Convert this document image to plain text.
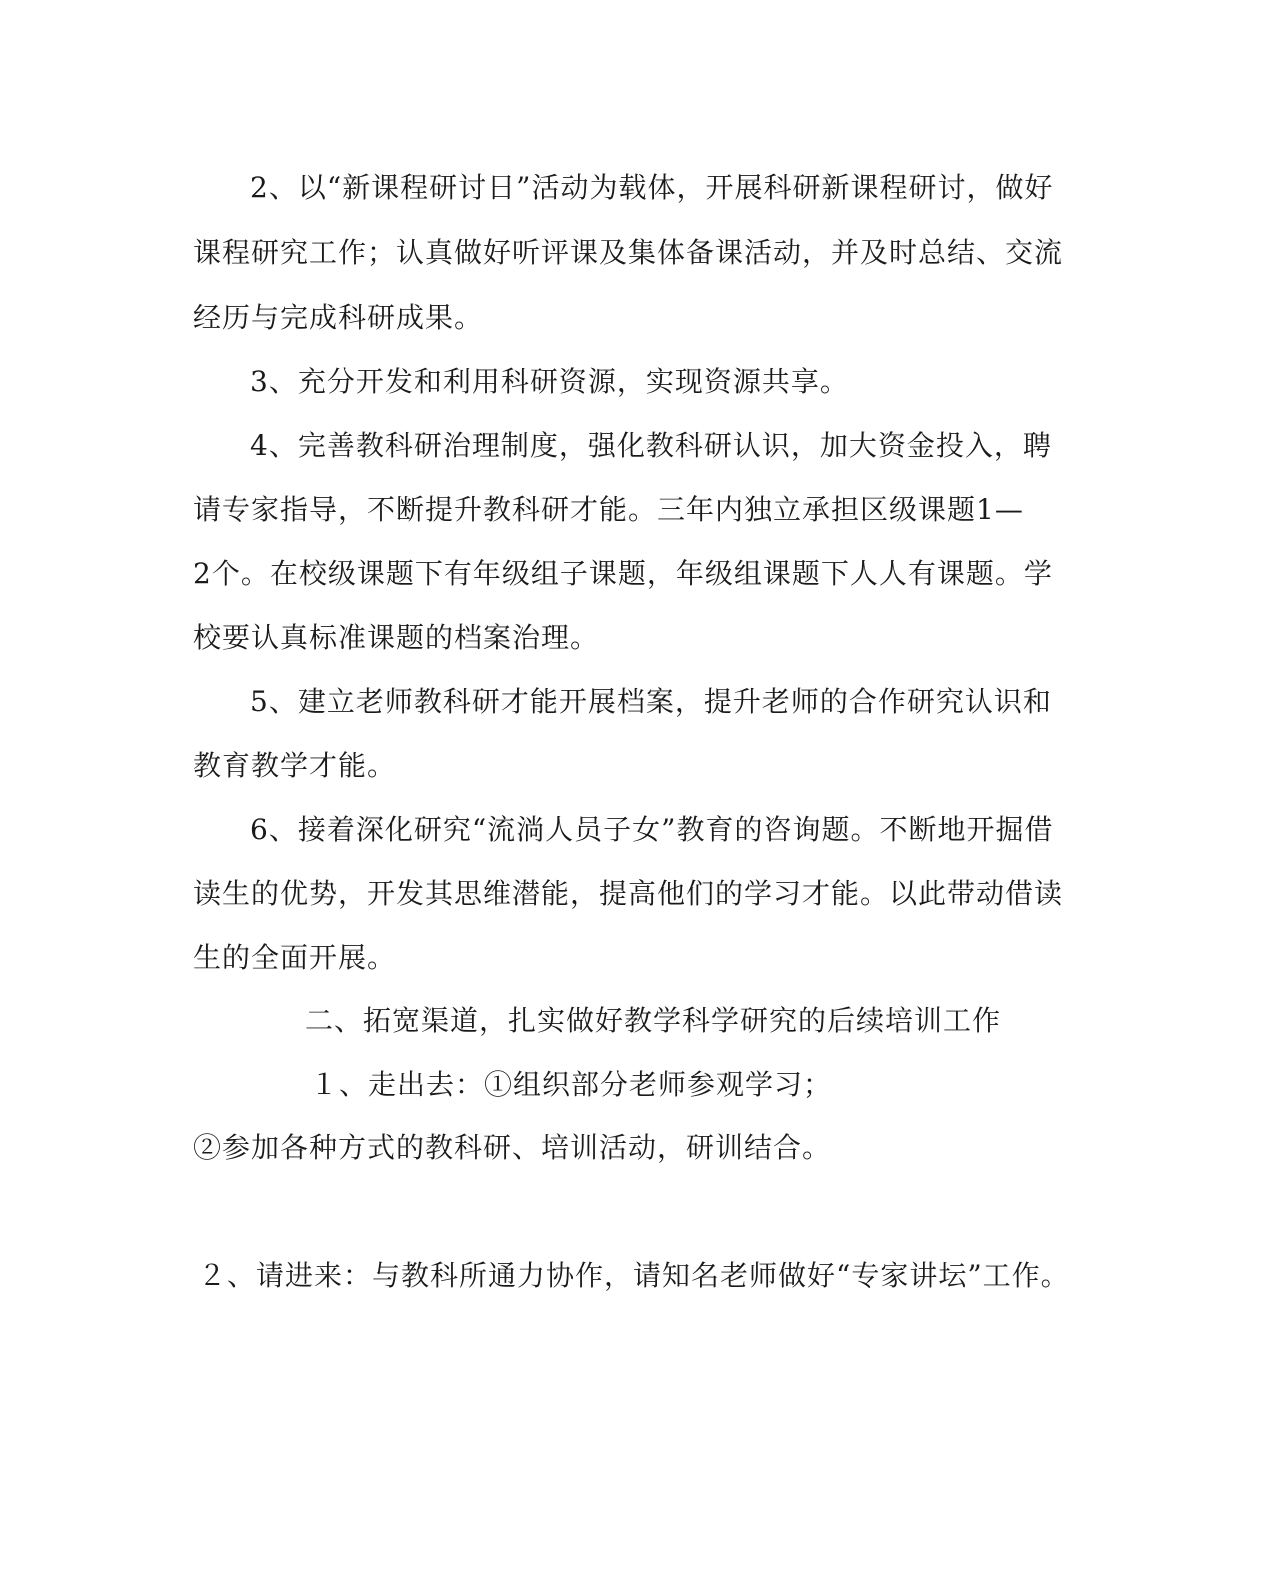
2、以“新课程研讨日”活动为载体，开展科研新课程研讨，做好
课程研究工作；认真做好听评课及集体备课活动，并及时总结、交流
经历与完成科研成果。
3、充分开发和利用科研资源，实现资源共享。
4、完善教科研治理制度，强化教科研认识，加大资金投入，聘
请专家指导，不断提升教科研才能。三年内独立承担区级课题1—
2个。在校级课题下有年级组子课题，年级组课题下人人有课题。学
校要认真标准课题的档案治理。
5、建立老师教科研才能开展档案，提升老师的合作研究认识和
教育教学才能。
6、接着深化研究“流淌人员子女”教育的咨询题。不断地开掘借
读生的优势，开发其思维潜能，提高他们的学习才能。以此带动借读
生的全面开展。
二、拓宽渠道，扎实做好教学科学研究的后续培训工作
１、走出去：①组织部分老师参观学习；
②参加各种方式的教科研、培训活动，研训结合。
２、请进来：与教科所通力协作，请知名老师做好“专家讲坛”工作。
